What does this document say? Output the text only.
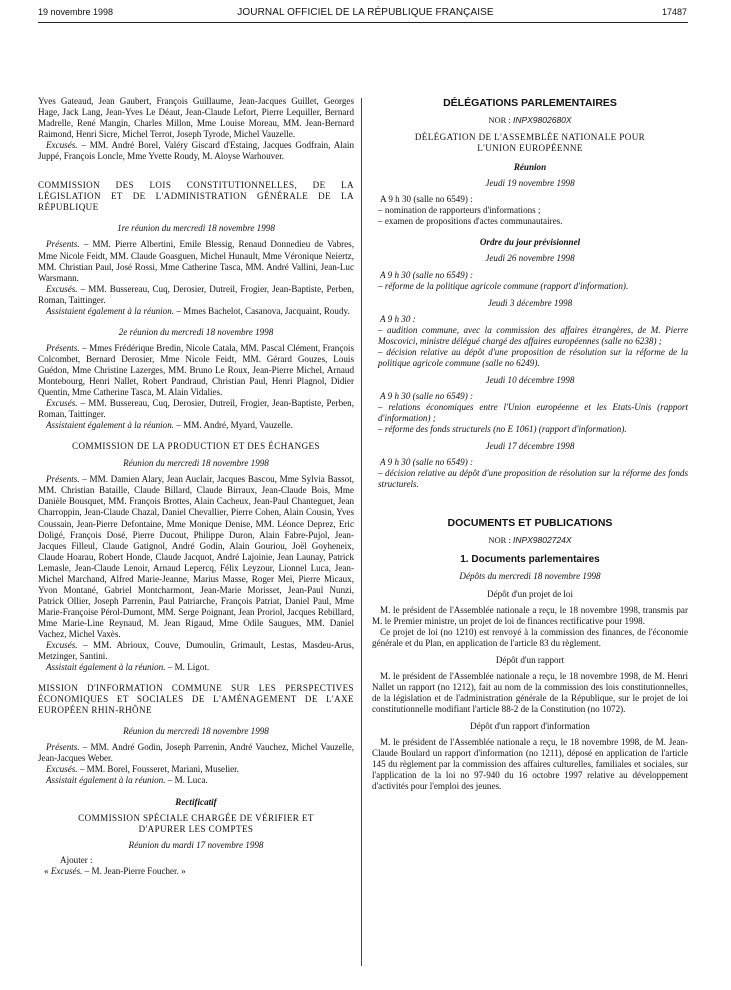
19 novembre 1998	JOURNAL OFFICIEL DE LA RÉPUBLIQUE FRANÇAISE	17487

Yves Gateaud, Jean Gaubert, François Guillaume, Jean-Jacques Guillet, Georges Hage, Jack Lang, Jean-Yves Le Déaut, Jean-Claude Lefort, Pierre Lequiller, Bernard Madrelle, René Mangin, Charles Millon, Mme Louise Moreau, MM. Jean-Bernard Raimond, Henri Sicre, Michel Terrot, Joseph Tyrode, Michel Vauzelle.

Excusés. – MM. André Borel, Valéry Giscard d'Estaing, Jacques Godfrain, Alain Juppé, François Loncle, Mme Yvette Roudy, M. Aloyse Warhouver.

COMMISSION DES LOIS CONSTITUTIONNELLES, DE LA LÉGISLATION ET DE L'ADMINISTRATION GÉNÉRALE DE LA RÉPUBLIQUE

1re réunion du mercredi 18 novembre 1998

Présents. – MM. Pierre Albertini, Emile Blessig, Renaud Donnedieu de Vabres, Mme Nicole Feidt, MM. Claude Goasguen, Michel Hunault, Mme Véronique Neiertz, MM. Christian Paul, José Rossi, Mme Catherine Tasca, MM. André Vallini, Jean-Luc Warsmann.

Excusés. – MM. Bussereau, Cuq, Derosier, Dutreil, Frogier, Jean-Baptiste, Perben, Roman, Taittinger.

Assistaient également à la réunion. – Mmes Bachelot, Casanova, Jacquaint, Roudy.

2e réunion du mercredi 18 novembre 1998

Présents. – Mmes Frédérique Bredin, Nicole Catala, MM. Pascal Clément, François Colcombet, Bernard Derosier, Mme Nicole Feidt, MM. Gérard Gouzes, Louis Guédon, Mme Christine Lazerges, MM. Bruno Le Roux, Jean-Pierre Michel, Arnaud Montebourg, Henri Nallet, Robert Pandraud, Christian Paul, Henri Plagnol, Didier Quentin, Mme Catherine Tasca, M. Alain Vidalies.

Excusés. – MM. Bussereau, Cuq, Derosier, Dutreil, Frogier, Jean-Baptiste, Perben, Roman, Taittinger.

Assistaient également à la réunion. – MM. André, Myard, Vauzelle.

COMMISSION DE LA PRODUCTION ET DES ÉCHANGES

Réunion du mercredi 18 novembre 1998

Présents. – MM. Damien Alary, Jean Auclair, Jacques Bascou, Mme Sylvia Bassot, MM. Christian Bataille, Claude Billard, Claude Birraux, Jean-Claude Bois, Mme Danièle Bousquet, MM. François Brottes, Alain Cacheux, Jean-Paul Chanteguet, Jean Charroppin, Jean-Claude Chazal, Daniel Chevallier, Pierre Cohen, Alain Cousin, Yves Coussain, Jean-Pierre Defontaine, Mme Monique Denise, MM. Léonce Deprez, Eric Doligé, François Dosé, Pierre Ducout, Philippe Duron, Alain Fabre-Pujol, Jean-Jacques Filleul, Claude Gatignol, André Godin, Alain Gouriou, Joël Goyheneix, Claude Hoarau, Robert Honde, Claude Jacquot, André Lajoinie, Jean Launay, Patrick Lemasle, Jean-Claude Lenoir, Arnaud Lepercq, Félix Leyzour, Lionnel Luca, Jean-Michel Marchand, Alfred Marie-Jeanne, Marius Masse, Roger Meï, Pierre Micaux, Yvon Montané, Gabriel Montcharmont, Jean-Marie Morisset, Jean-Paul Nunzi, Patrick Ollier, Joseph Parrenin, Paul Patriarche, François Patriat, Daniel Paul, Mme Marie-Françoise Pérol-Dumont, MM. Serge Poignant, Jean Proriol, Jacques Rebillard, Mme Marie-Line Reynaud, M. Jean Rigaud, Mme Odile Saugues, MM. Daniel Vachez, Michel Vaxès.

Excusés. – MM. Abrioux, Couve, Dumoulin, Grimault, Lestas, Masdeu-Arus, Metzinger, Santini.

Assistait également à la réunion. – M. Ligot.

MISSION D'INFORMATION COMMUNE SUR LES PERSPECTIVES ÉCONOMIQUES ET SOCIALES DE L'AMÉNAGEMENT DE L'AXE EUROPÉEN RHIN-RHÔNE

Réunion du mercredi 18 novembre 1998

Présents. – MM. André Godin, Joseph Parrenin, André Vauchez, Michel Vauzelle, Jean-Jacques Weber.

Excusés. – MM. Borel, Fousseret, Mariani, Muselier.

Assistait également à la réunion. – M. Luca.

Rectificatif

COMMISSION SPÉCIALE CHARGÉE DE VÉRIFIER ET D'APURER LES COMPTES

Réunion du mardi 17 novembre 1998

Ajouter :

« Excusés. – M. Jean-Pierre Foucher. »

DÉLÉGATIONS PARLEMENTAIRES

NOR : INPX9802680X

DÉLÉGATION DE L'ASSEMBLÉE NATIONALE POUR L'UNION EUROPÉENNE

Réunion

Jeudi 19 novembre 1998

A 9 h 30 (salle no 6549) :

– nomination de rapporteurs d'informations ;

– examen de propositions d'actes communautaires.

Ordre du jour prévisionnel

Jeudi 26 novembre 1998

A 9 h 30 (salle no 6549) :

– réforme de la politique agricole commune (rapport d'information).

Jeudi 3 décembre 1998

A 9 h 30 :

– audition commune, avec la commission des affaires étrangères, de M. Pierre Moscovici, ministre délégué chargé des affaires européennes (salle no 6238) ;

– décision relative au dépôt d'une proposition de résolution sur la réforme de la politique agricole commune (salle no 6249).

Jeudi 10 décembre 1998

A 9 h 30 (salle no 6549) :

– relations économiques entre l'Union européenne et les Etats-Unis (rapport d'information) ;

– réforme des fonds structurels (no E 1061) (rapport d'information).

Jeudi 17 décembre 1998

A 9 h 30 (salle no 6549) :

– décision relative au dépôt d'une proposition de résolution sur la réforme des fonds structurels.

DOCUMENTS ET PUBLICATIONS

NOR : INPX9802724X

1. Documents parlementaires

Dépôts du mercredi 18 novembre 1998

Dépôt d'un projet de loi

M. le président de l'Assemblée nationale a reçu, le 18 novembre 1998, transmis par M. le Premier ministre, un projet de loi de finances rectificative pour 1998.

Ce projet de loi (no 1210) est renvoyé à la commission des finances, de l'économie générale et du Plan, en application de l'article 83 du règlement.

Dépôt d'un rapport

M. le président de l'Assemblée nationale a reçu, le 18 novembre 1998, de M. Henri Nallet un rapport (no 1212), fait au nom de la commission des lois constitutionnelles, de la législation et de l'administration générale de la République, sur le projet de loi constitutionnelle modifiant l'article 88-2 de la Constitution (no 1072).

Dépôt d'un rapport d'information

M. le président de l'Assemblée nationale a reçu, le 18 novembre 1998, de M. Jean-Claude Boulard un rapport d'information (no 1211), déposé en application de l'article 145 du règlement par la commission des affaires culturelles, familiales et sociales, sur l'application de la loi no 97-940 du 16 octobre 1997 relative au développement d'activités pour l'emploi des jeunes.
